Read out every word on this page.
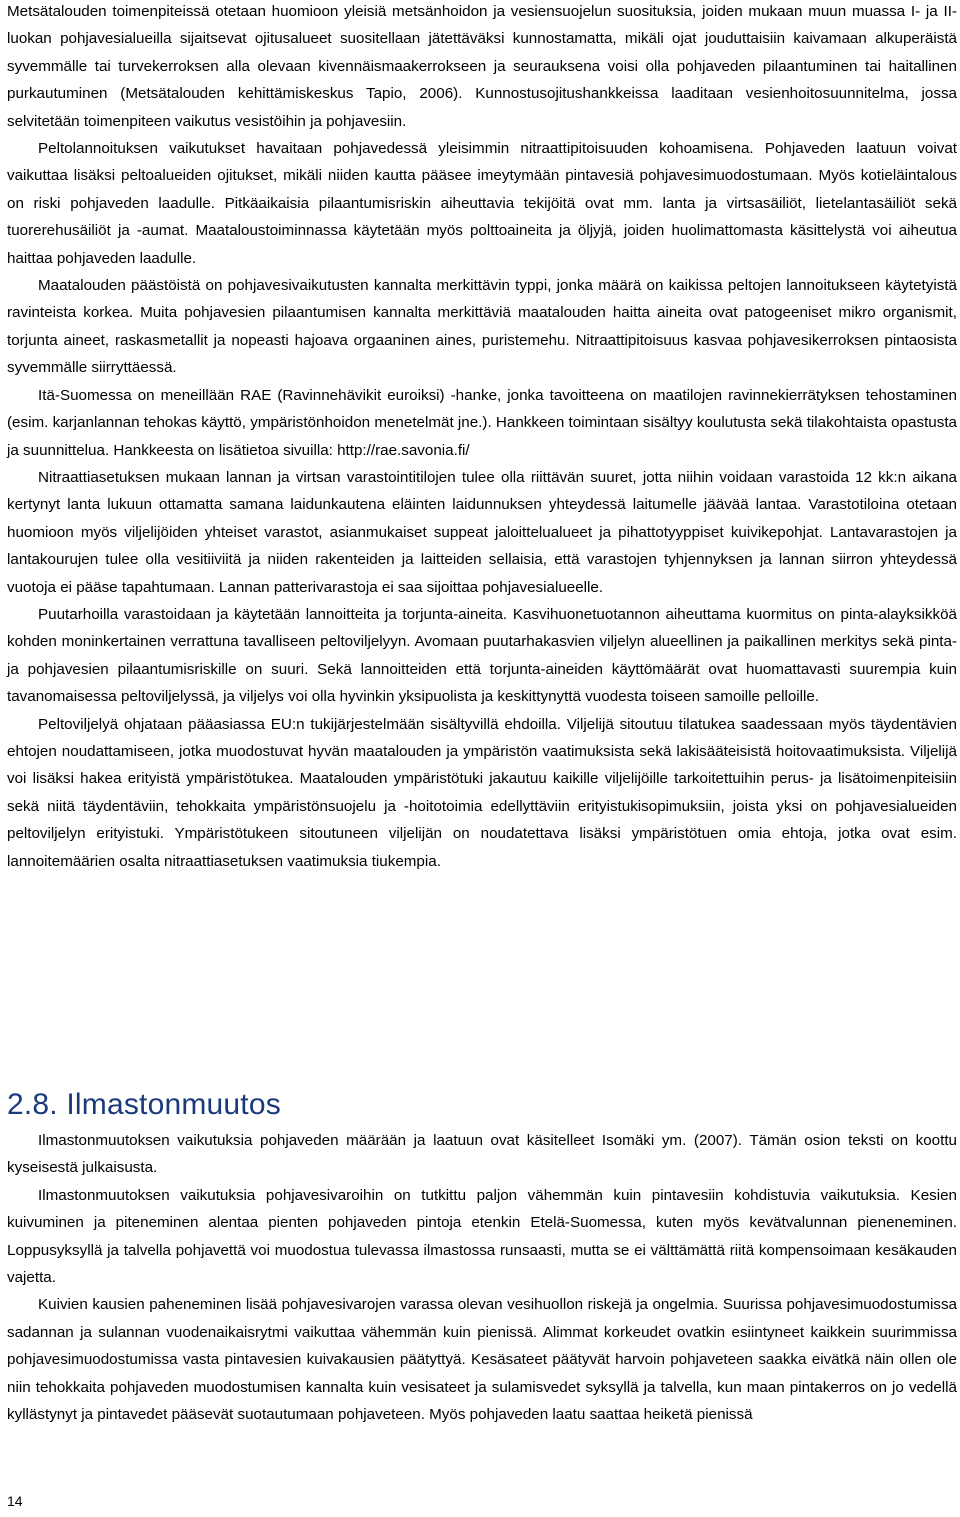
Metsätalouden toimenpiteissä otetaan huomioon yleisiä metsänhoidon ja vesiensuojelun suosituksia, joiden mukaan muun muassa I- ja II-luokan pohjavesialueilla sijaitsevat ojitusalueet suositellaan jätettäväksi kunnostamatta, mikäli ojat jouduttaisiin kaivamaan alkuperäistä syvemmälle tai turvekerroksen alla olevaan kivennäismaakerrokseen ja seurauksena voisi olla pohjaveden pilaantuminen tai haitallinen purkautuminen (Metsätalouden kehittämiskeskus Tapio, 2006). Kunnostusojitushankkeissa laaditaan vesienhoitosuunnitelma, jossa selvitetään toimenpiteen vaikutus vesistöihin ja pohjavesiin.

Peltolannoituksen vaikutukset havaitaan pohjavedessä yleisimmin nitraattipitoisuuden kohoamisena. Pohjaveden laatuun voivat vaikuttaa lisäksi peltoalueiden ojitukset, mikäli niiden kautta pääsee imeytymään pintavesiä pohjavesimuodostumaan. Myös kotieläintalous on riski pohjaveden laadulle. Pitkäaikaisia pilaantumisriskin aiheuttavia tekijöitä ovat mm. lanta ja virtsasäiliöt, lietelantasäiliöt sekä tuorerehusäiliöt ja -aumat. Maataloustoiminnassa käytetään myös polttoaineita ja öljyjä, joiden huolimattomasta käsittelystä voi aiheutua haittaa pohjaveden laadulle.

Maatalouden päästöistä on pohjavesivaikutusten kannalta merkittävin typpi, jonka määrä on kaikissa peltojen lannoitukseen käytetyistä ravinteista korkea. Muita pohjavesien pilaantumisen kannalta merkittäviä maatalouden haitta aineita ovat patogeeniset mikro organismit, torjunta aineet, raskasmetallit ja nopeasti hajoava orgaaninen aines, puristemehu. Nitraattipitoisuus kasvaa pohjavesikerroksen pintaosista syvemmälle siirryttäessä.

Itä-Suomessa on meneillään RAE (Ravinnehävikit euroiksi) -hanke, jonka tavoitteena on maatilojen ravinnekierrätyksen tehostaminen (esim. karjanlannan tehokas käyttö, ympäristönhoidon menetelmät jne.). Hankkeen toimintaan sisältyy koulutusta sekä tilakohtaista opastusta ja suunnittelua. Hankkeesta on lisätietoa sivuilla: http://rae.savonia.fi/

Nitraattiasetuksen mukaan lannan ja virtsan varastointitilojen tulee olla riittävän suuret, jotta niihin voidaan varastoida 12 kk:n aikana kertynyt lanta lukuun ottamatta samana laidunkautena eläinten laidunnuksen yhteydessä laitumelle jäävää lantaa. Varastotiloina otetaan huomioon myös viljelijöiden yhteiset varastot, asianmukaiset suppeat jaloittelualueet ja pihattotyyppiset kuivikepohjat. Lantavarastojen ja lantakourujen tulee olla vesitiiviitä ja niiden rakenteiden ja laitteiden sellaisia, että varastojen tyhjennyksen ja lannan siirron yhteydessä vuotoja ei pääse tapahtumaan. Lannan patterivarastoja ei saa sijoittaa pohjavesialueelle.

Puutarhoilla varastoidaan ja käytetään lannoitteita ja torjunta-aineita. Kasvihuonetuotannon aiheuttama kuormitus on pinta-alayksikköä kohden moninkertainen verrattuna tavalliseen peltoviljelyyn. Avomaan puutarhakasvien viljelyn alueellinen ja paikallinen merkitys sekä pinta- ja pohjavesien pilaantumisriskille on suuri. Sekä lannoitteiden että torjunta-aineiden käyttömäärät ovat huomattavasti suurempia kuin tavanomaisessa peltoviljelyssä, ja viljelys voi olla hyvinkin yksipuolista ja keskittynyttä vuodesta toiseen samoille pelloille.

Peltoviljelyä ohjataan pääasiassa EU:n tukijärjestelmään sisältyvillä ehdoilla. Viljelijä sitoutuu tilatukea saadessaan myös täydentävien ehtojen noudattamiseen, jotka muodostuvat hyvän maatalouden ja ympäristön vaatimuksista sekä lakisääteisistä hoitovaatimuksista. Viljelijä voi lisäksi hakea erityistä ympäristötukea. Maatalouden ympäristötuki jakautuu kaikille viljelijöille tarkoitettuihin perus- ja lisätoimenpiteisiin sekä niitä täydentäviin, tehokkaita ympäristönsuojelu ja -hoitotoimia edellyttäviin erityistukisopimuksiin, joista yksi on pohjavesialueiden peltoviljelyn erityistuki. Ympäristötukeen sitoutuneen viljelijän on noudatettava lisäksi ympäristötuen omia ehtoja, jotka ovat esim. lannoitemäärien osalta nitraattiasetuksen vaatimuksia tiukempia.

2.8. Ilmastonmuutos

Ilmastonmuutoksen vaikutuksia pohjaveden määrään ja laatuun ovat käsitelleet Isomäki ym. (2007). Tämän osion teksti on koottu kyseisestä julkaisusta.

Ilmastonmuutoksen vaikutuksia pohjavesivaroihin on tutkittu paljon vähemmän kuin pintavesiin kohdistuvia vaikutuksia. Kesien kuivuminen ja piteneminen alentaa pienten pohjaveden pintoja etenkin Etelä-Suomessa, kuten myös kevätvalunnan pieneneminen. Loppusyksyllä ja talvella pohjavettä voi muodostua tulevassa ilmastossa runsaasti, mutta se ei välttämättä riitä kompensoimaan kesäkauden vajetta.

Kuivien kausien paheneminen lisää pohjavesivarojen varassa olevan vesihuollon riskejä ja ongelmia. Suurissa pohjavesimuodostumissa sadannan ja sulannan vuodenaikaisrytmi vaikuttaa vähemmän kuin pienissä. Alimmat korkeudet ovatkin esiintyneet kaikkein suurimmissa pohjavesimuodostumissa vasta pintavesien kuivakausien päätyttyä. Kesäsateet päätyvät harvoin pohjaveteen saakka eivätkä näin ollen ole niin tehokkaita pohjaveden muodostumisen kannalta kuin vesisateet ja sulamisvedet syksyllä ja talvella, kun maan pintakerros on jo vedellä kyllästynyt ja pintavedet pääsevät suotautumaan pohjaveteen. Myös pohjaveden laatu saattaa heiketä pienissä

14
